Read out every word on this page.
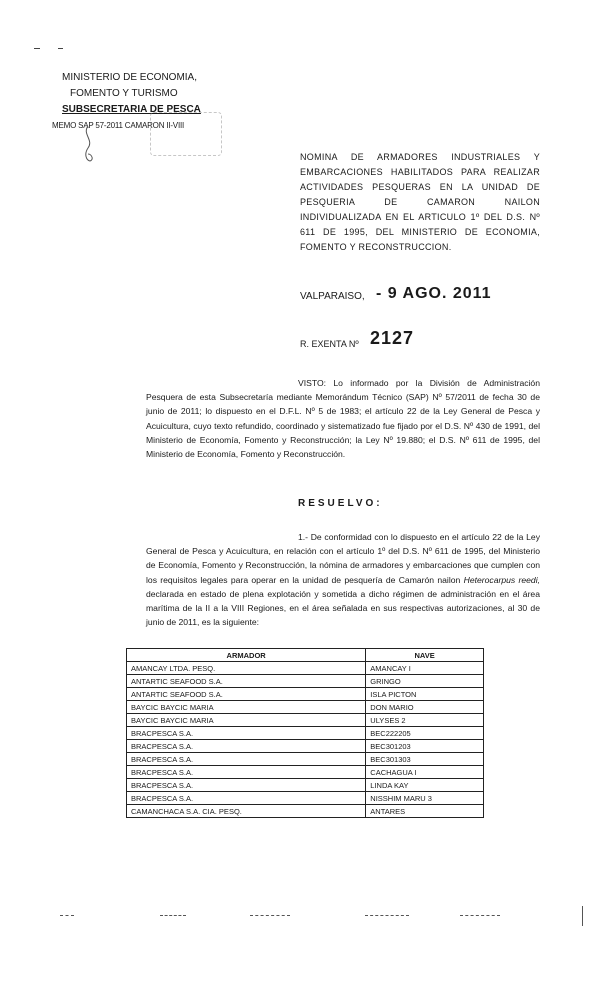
MINISTERIO DE ECONOMIA,
FOMENTO Y TURISMO
SUBSECRETARIA DE PESCA
MEMO SAP 57-2011 CAMARON II-VIII
NOMINA DE ARMADORES INDUSTRIALES Y EMBARCACIONES HABILITADOS PARA REALIZAR ACTIVIDADES PESQUERAS EN LA UNIDAD DE PESQUERIA DE CAMARON NAILON INDIVIDUALIZADA EN EL ARTICULO 1º DEL D.S. Nº 611 DE 1995, DEL MINISTERIO DE ECONOMIA, FOMENTO Y RECONSTRUCCION.
VALPARAISO, - 9 AGO. 2011
R. EXENTA Nº 2127
VISTO: Lo informado por la División de Administración Pesquera de esta Subsecretaría mediante Memorándum Técnico (SAP) Nº 57/2011 de fecha 30 de junio de 2011; lo dispuesto en el D.F.L. Nº 5 de 1983; el artículo 22 de la Ley General de Pesca y Acuicultura, cuyo texto refundido, coordinado y sistematizado fue fijado por el D.S. Nº 430 de 1991, del Ministerio de Economía, Fomento y Reconstrucción; la Ley Nº 19.880; el D.S. Nº 611 de 1995, del Ministerio de Economía, Fomento y Reconstrucción.
RESUELVO:
1.- De conformidad con lo dispuesto en el artículo 22 de la Ley General de Pesca y Acuicultura, en relación con el artículo 1º del D.S. Nº 611 de 1995, del Ministerio de Economía, Fomento y Reconstrucción, la nómina de armadores y embarcaciones que cumplen con los requisitos legales para operar en la unidad de pesquería de Camarón nailon Heterocarpus reedi, declarada en estado de plena explotación y sometida a dicho régimen de administración en el área marítima de la II a la VIII Regiones, en el área señalada en sus respectivas autorizaciones, al 30 de junio de 2011, es la siguiente:
ARMADOR	NAVE
AMANCAY LTDA. PESQ.	AMANCAY I
ANTARTIC SEAFOOD S.A.	GRINGO
ANTARTIC SEAFOOD S.A.	ISLA PICTON
BAYCIC BAYCIC MARIA	DON MARIO
BAYCIC BAYCIC MARIA	ULYSES 2
BRACPESCA S.A.	BEC222205
BRACPESCA S.A.	BEC301203
BRACPESCA S.A.	BEC301303
BRACPESCA S.A.	CACHAGUA I
BRACPESCA S.A.	LINDA KAY
BRACPESCA S.A.	NISSHIM MARU 3
CAMANCHACA S.A. CIA. PESQ.	ANTARES
